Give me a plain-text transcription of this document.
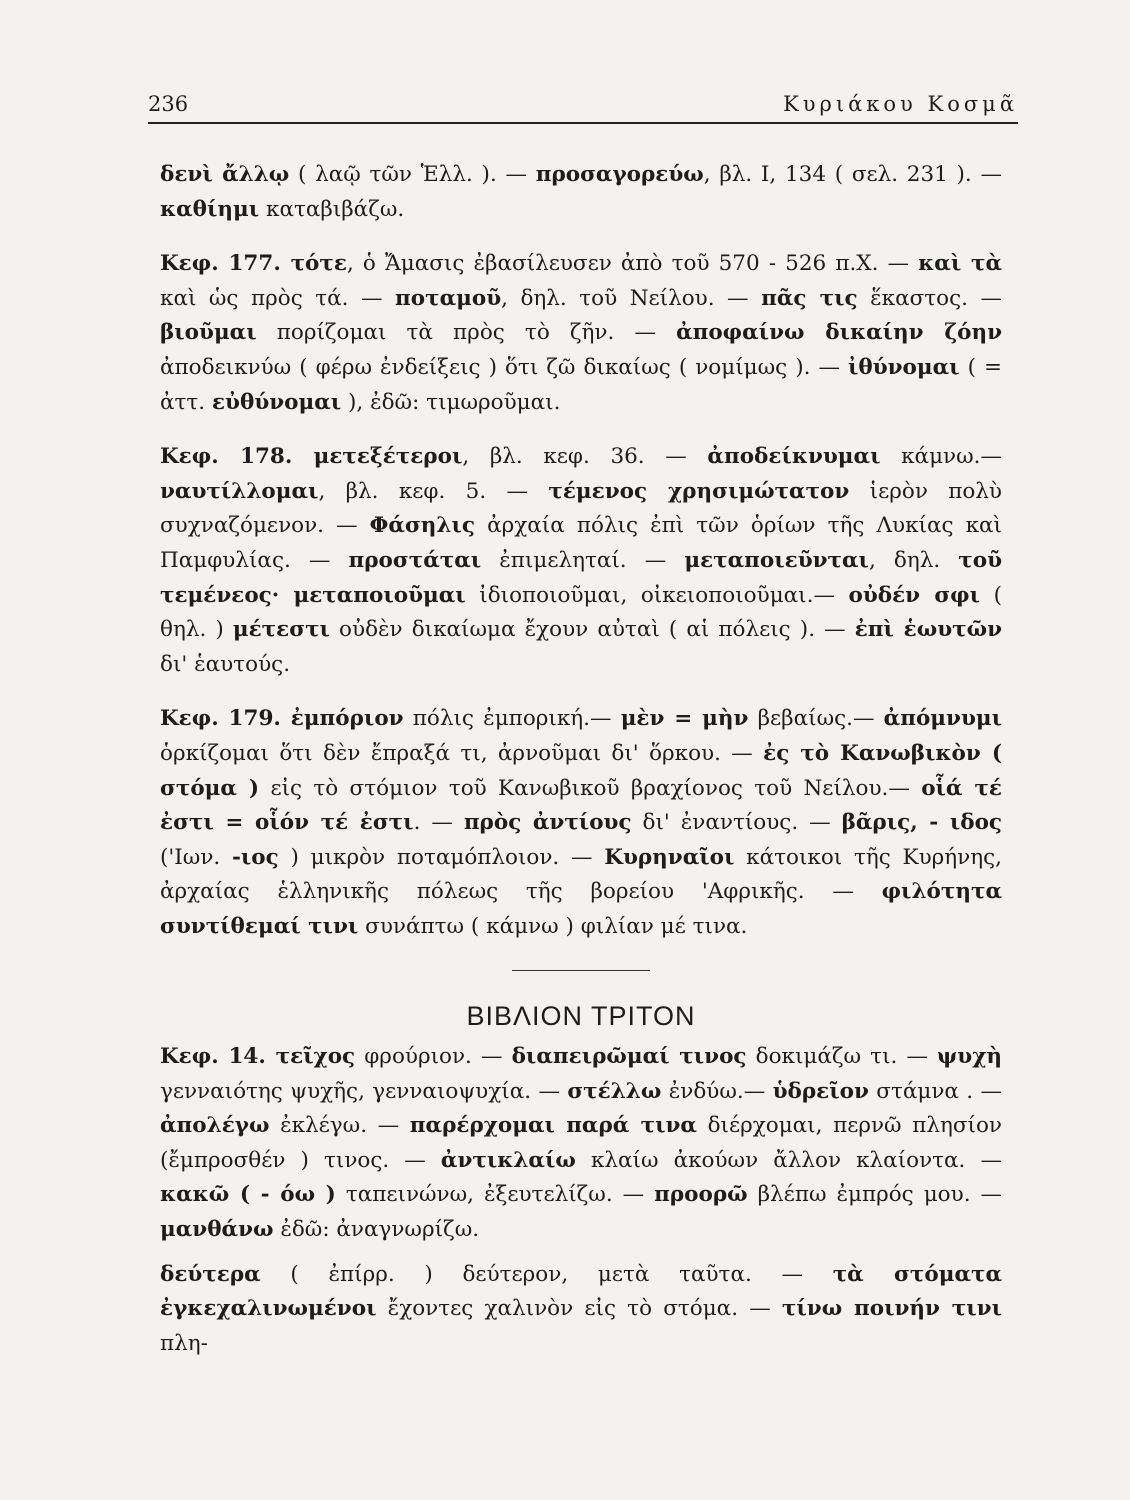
236	Κυριάκου Κοσμᾶ

δενὶ ἄλλῳ ( λαῷ τῶν Ἑλλ. ). — προσαγορεύω, βλ. Ι, 134 ( σελ. 231 ). — καθίημι καταβιβάζω.

Κεφ. 177. τότε, ὁ Ἄμασις ἐβασίλευσεν ἀπὸ τοῦ 570 - 526 π.Χ. — καὶ τὰ καὶ ὡς πρὸς τά. — ποταμοῦ, δηλ. τοῦ Νείλου. — πᾶς τις ἕκαστος. — βιοῦμαι πορίζομαι τὰ πρὸς τὸ ζῆν. — ἀποφαίνω δικαίην ζόην ἀποδεικνύω ( φέρω ἐνδείξεις ) ὅτι ζῶ δικαίως ( νομίμως ). — ἰθύνομαι ( = ἀττ. εὐθύνομαι ), ἐδῶ: τιμωροῦμαι.

Κεφ. 178. μετεξέτεροι, βλ. κεφ. 36. — ἀποδείκνυμαι κάμνω.— ναυτίλλομαι, βλ. κεφ. 5. — τέμενος χρησιμώτατον ἱερὸν πολὺ συχναζόμενον. — Φάσηλις ἀρχαία πόλις ἐπὶ τῶν ὁρίων τῆς Λυκίας καὶ Παμφυλίας. — προστάται ἐπιμεληταί. — μεταποιεῦνται, δηλ. τοῦ τεμένεος· μεταποιοῦμαι ἰδιοποιοῦμαι, οἰκειοποιοῦμαι.— οὐδέν σφι ( θηλ. ) μέτεστι οὐδὲν δικαίωμα ἔχουν αὐταὶ ( αἱ πόλεις ). — ἐπὶ ἑωυτῶν δι' ἑαυτούς.

Κεφ. 179. ἐμπόριον πόλις ἐμπορική.— μὲν = μὴν βεβαίως.— ἀπόμνυμι ὁρκίζομαι ὅτι δὲν ἔπραξά τι, ἀρνοῦμαι δι' ὅρκου. — ἐς τὸ Κανωβικὸν ( στόμα ) εἰς τὸ στόμιον τοῦ Κανωβικοῦ βραχίονος τοῦ Νείλου.— οἷά τέ ἐστι = οἷόν τέ ἐστι. — πρὸς ἀντίους δι' ἐναντίους. — βᾶρις, - ιδος ('Ιων. -ιος ) μικρὸν ποταμόπλοιον. — Κυρηναῖοι κάτοικοι τῆς Κυρήνης, ἀρχαίας ἑλληνικῆς πόλεως τῆς βορείου 'Αφρικῆς. — φιλότητα συντίθεμαί τινι συνάπτω ( κάμνω ) φιλίαν μέ τινα.

ΒΙΒΛΙΟΝ ΤΡΙΤΟΝ

Κεφ. 14. τεῖχος φρούριον. — διαπειρῶμαί τινος δοκιμάζω τι. — ψυχὴ γενναιότης ψυχῆς, γενναιοψυχία. — στέλλω ἐνδύω.— ὑδρεῖον στάμνα . — ἀπολέγω ἐκλέγω. — παρέρχομαι παρά τινα διέρχομαι, περνῶ πλησίον (ἔμπροσθέν ) τινος. — ἀντικλαίω κλαίω ἀκούων ἄλλον κλαίοντα. — κακῶ ( - όω ) ταπεινώνω, ἐξευτελίζω. — προορῶ βλέπω ἐμπρός μου. — μανθάνω ἐδῶ: ἀναγνωρίζω.

δεύτερα ( ἐπίρρ. ) δεύτερον, μετὰ ταῦτα. — τὰ στόματα ἐγκεχαλινωμένοι ἔχοντες χαλινὸν εἰς τὸ στόμα. — τίνω ποινήν τινι πλη-
